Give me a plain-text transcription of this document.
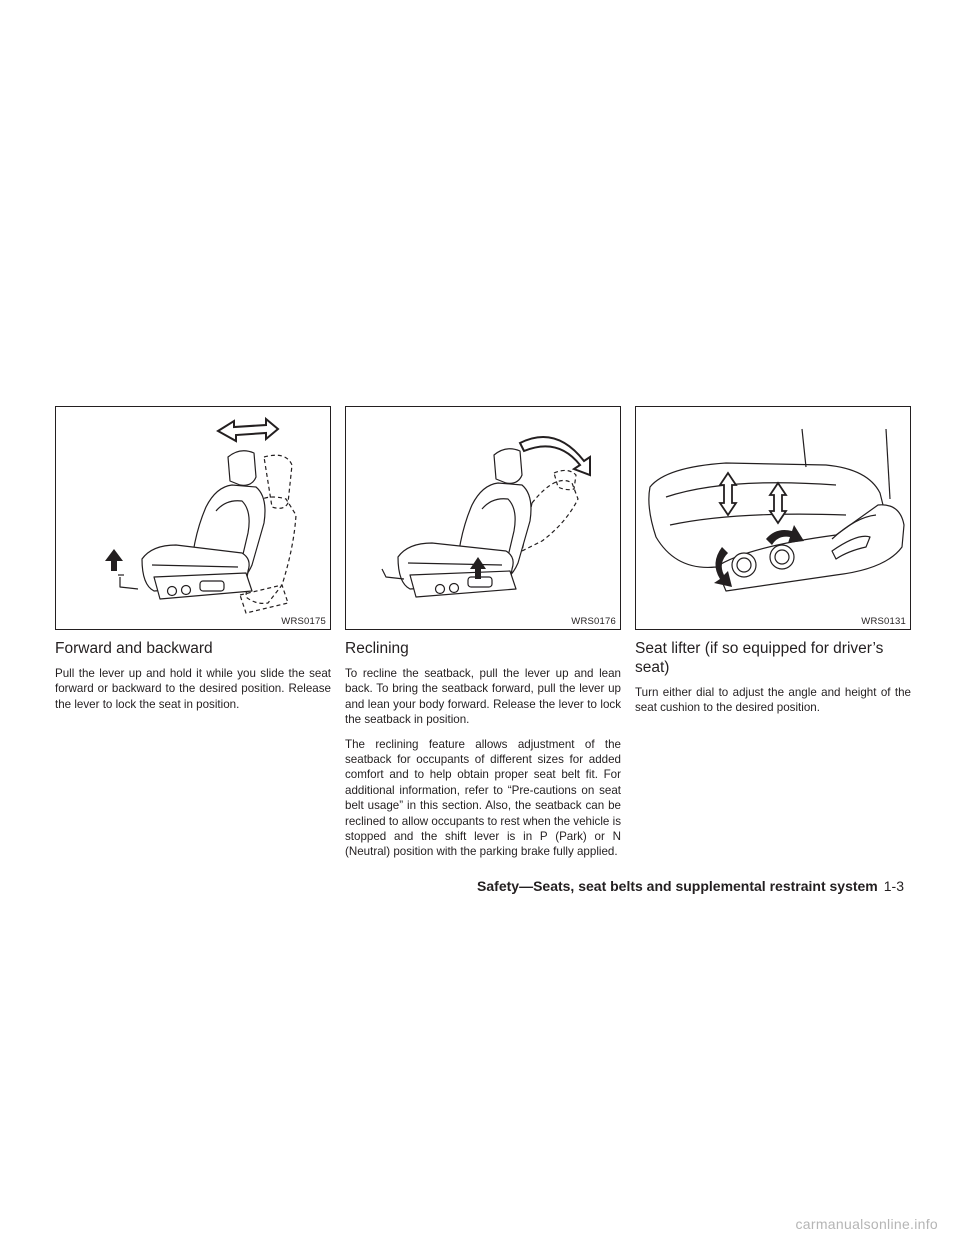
WRS0175
Forward and backward

Pull the lever up and hold it while you slide the seat forward or backward to the desired position. Release the lever to lock the seat in position.

WRS0176
Reclining

To recline the seatback, pull the lever up and lean back. To bring the seatback forward, pull the lever up and lean your body forward. Release the lever to lock the seatback in position.

The reclining feature allows adjustment of the seatback for occupants of different sizes for added comfort and to help obtain proper seat belt fit. For additional information, refer to “Pre-cautions on seat belt usage” in this section. Also, the seatback can be reclined to allow occupants to rest when the vehicle is stopped and the shift lever is in P (Park) or N (Neutral) position with the parking brake fully applied.

WRS0131
Seat lifter (if so equipped for driver’s seat)

Turn either dial to adjust the angle and height of the seat cushion to the desired position.

Safety—Seats, seat belts and supplemental restraint system 1-3
carmanualsonline.info
